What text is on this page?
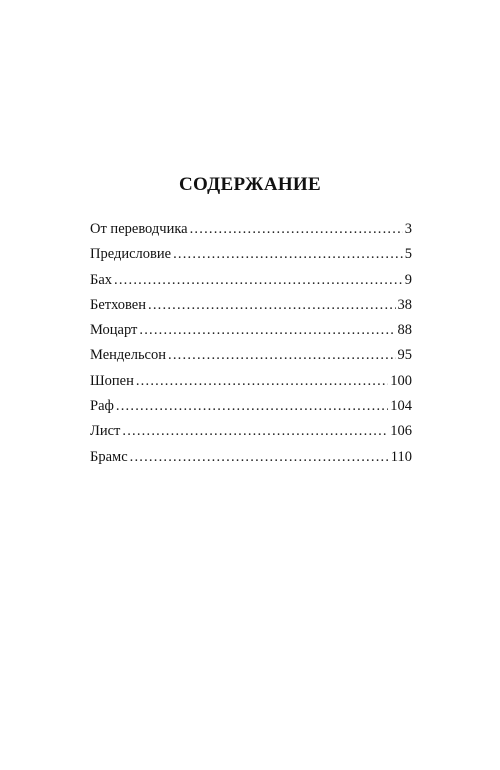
СОДЕРЖАНИЕ
От переводчика .....	3
Предисловие .....	5
Бах .....	9
Бетховен .....	38
Моцарт .....	88
Мендельсон .....	95
Шопен .....	100
Раф .....	104
Лист .....	106
Брамс .....	110
